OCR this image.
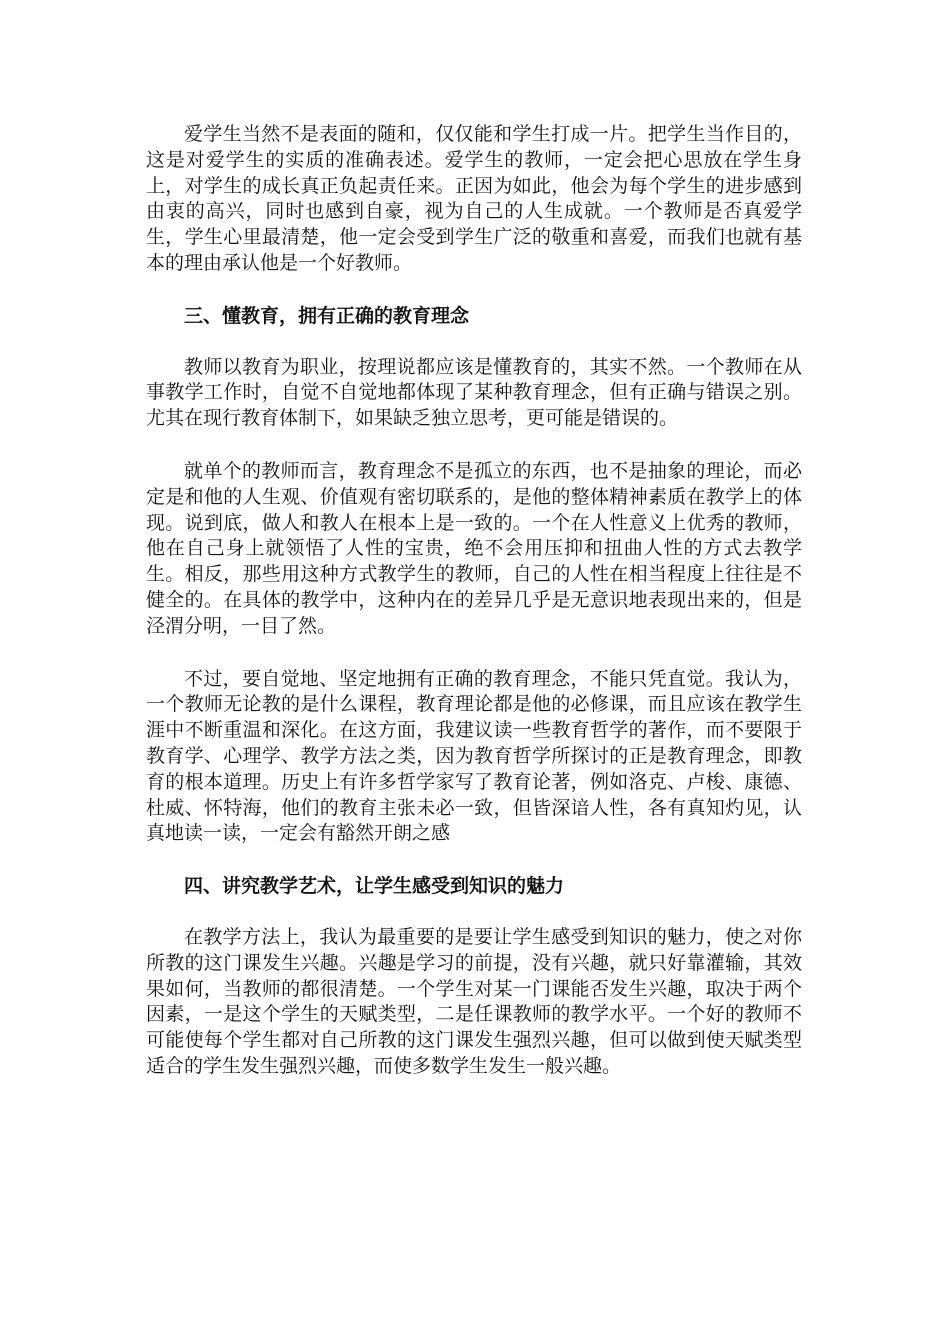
爱学生当然不是表面的随和，仅仅能和学生打成一片。把学生当作目的，这是对爱学生的实质的准确表述。爱学生的教师，一定会把心思放在学生身上，对学生的成长真正负起责任来。正因为如此，他会为每个学生的进步感到由衷的高兴，同时也感到自豪，视为自己的人生成就。一个教师是否真爱学生，学生心里最清楚，他一定会受到学生广泛的敬重和喜爱，而我们也就有基本的理由承认他是一个好教师。

三、懂教育，拥有正确的教育理念

教师以教育为职业，按理说都应该是懂教育的，其实不然。一个教师在从事教学工作时，自觉不自觉地都体现了某种教育理念，但有正确与错误之别。尤其在现行教育体制下，如果缺乏独立思考，更可能是错误的。

就单个的教师而言，教育理念不是孤立的东西，也不是抽象的理论，而必定是和他的人生观、价值观有密切联系的，是他的整体精神素质在教学上的体现。说到底，做人和教人在根本上是一致的。一个在人性意义上优秀的教师，他在自己身上就领悟了人性的宝贵，绝不会用压抑和扭曲人性的方式去教学生。相反，那些用这种方式教学生的教师，自己的人性在相当程度上往往是不健全的。在具体的教学中，这种内在的差异几乎是无意识地表现出来的，但是泾渭分明，一目了然。

不过，要自觉地、坚定地拥有正确的教育理念，不能只凭直觉。我认为，一个教师无论教的是什么课程，教育理论都是他的必修课，而且应该在教学生涯中不断重温和深化。在这方面，我建议读一些教育哲学的著作，而不要限于教育学、心理学、教学方法之类，因为教育哲学所探讨的正是教育理念，即教育的根本道理。历史上有许多哲学家写了教育论著，例如洛克、卢梭、康德、杜威、怀特海，他们的教育主张未必一致，但皆深谙人性，各有真知灼见，认真地读一读，一定会有豁然开朗之感

四、讲究教学艺术，让学生感受到知识的魅力

在教学方法上，我认为最重要的是要让学生感受到知识的魅力，使之对你所教的这门课发生兴趣。兴趣是学习的前提，没有兴趣，就只好靠灌输，其效果如何，当教师的都很清楚。一个学生对某一门课能否发生兴趣，取决于两个因素，一是这个学生的天赋类型，二是任课教师的教学水平。一个好的教师不可能使每个学生都对自己所教的这门课发生强烈兴趣，但可以做到使天赋类型适合的学生发生强烈兴趣，而使多数学生发生一般兴趣。
